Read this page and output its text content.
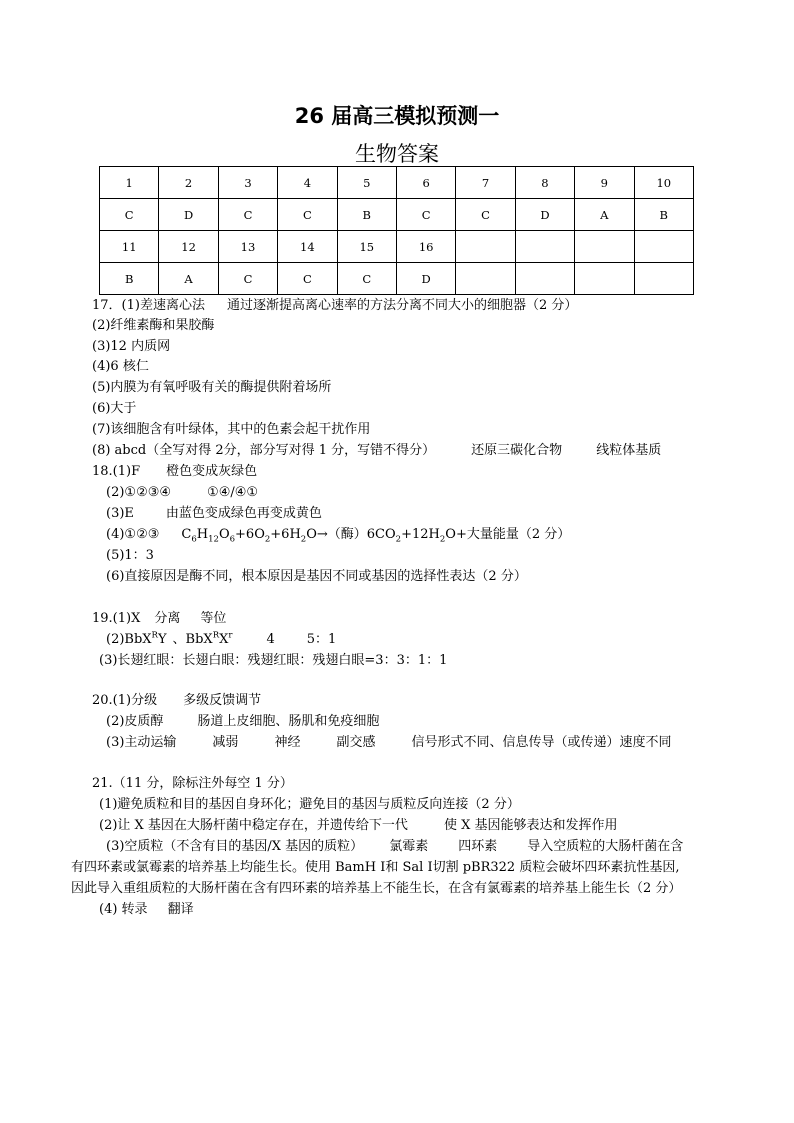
26 届高三模拟预测一
生物答案
1	2	3	4	5	6	7	8	9	10
C	D	C	C	B	C	C	D	A	B
11	12	13	14	15	16				
B	A	C	C	C	D				
17．(1)差速离心法 通过逐渐提高离心速率的方法分离不同大小的细胞器（2 分）
(2)纤维素酶和果胶酶
(3)12 内质网
(4)6 核仁
(5)内膜为有氧呼吸有关的酶提供附着场所
(6)大于
(7)该细胞含有叶绿体，其中的色素会起干扰作用
(8) abcd（全写对得 2分，部分写对得 1 分，写错不得分）	还原三碳化合物	线粒体基质
18.(1)F 橙色变成灰绿色
(2)①②③④	①④/④①
(3)E 由蓝色变成绿色再变成黄色
(4)①②③ $C_6H_{12}O_6+6O_2+6H_2O\to$（酶）$6CO_2+12H_2O+$大量能量（2 分）
(5)1：3
(6)直接原因是酶不同，根本原因是基因不同或基因的选择性表达（2 分）
19.(1)X 分离 等位
(2)BbX$^R$Y 、$BbX^RX^r$	4 5：1
(3)长翅红眼：长翅白眼：残翅红眼：残翅白眼=3：3：1：1
20.(1)分级 多级反馈调节
(2)皮质醇	肠道上皮细胞、肠肌和免疫细胞
(3)主动运输	减弱	神经	副交感	信号形式不同、信息传导（或传递）速度不同
21.（11 分，除标注外每空 1 分）
(1)避免质粒和目的基因自身环化；避免目的基因与质粒反向连接（2 分）
(2)让 X 基因在大肠杆菌中稳定存在，并遗传给下一代	使 X 基因能够表达和发挥作用
(3)空质粒（不含有目的基因/X 基因的质粒） 氯霉素 四环素 导入空质粒的大肠杆菌在含
有四环素或氯霉素的培养基上均能生长。使用 BamH Ⅰ和 Sal Ⅰ切割 pBR322 质粒会破坏四环素抗性基因,
因此导入重组质粒的大肠杆菌在含有四环素的培养基上不能生长，在含有氯霉素的培养基上能生长（2 分）
(4) 转录 翻译
